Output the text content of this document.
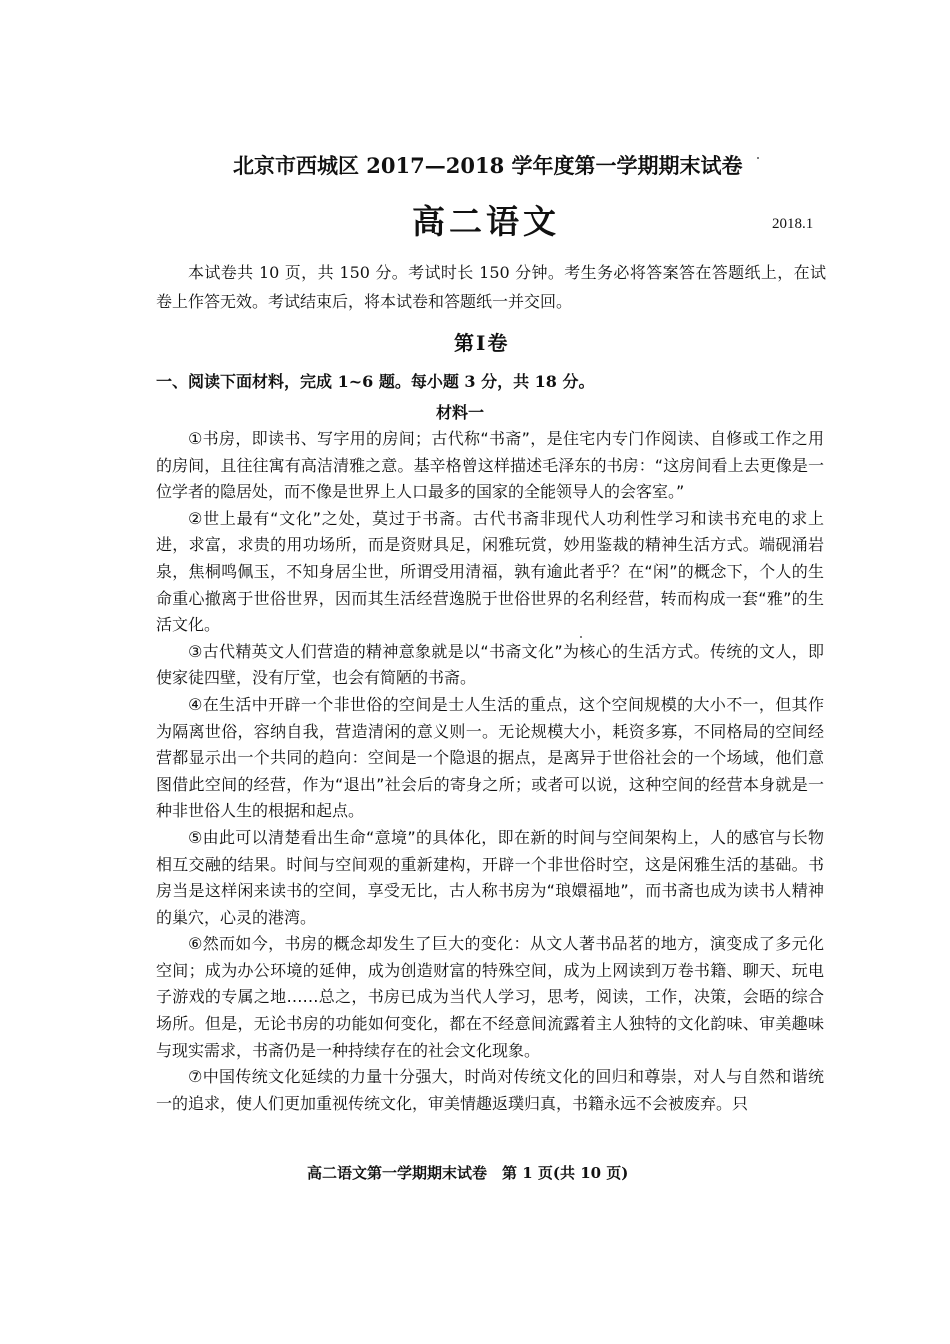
北京市西城区 2017—2018 学年度第一学期期末试卷
高二语文	2018.1
本试卷共 10 页，共 150 分。考试时长 150 分钟。考生务必将答案答在答题纸上，在试卷上作答无效。考试结束后，将本试卷和答题纸一并交回。
第Ⅰ卷
一、阅读下面材料，完成 1~6 题。每小题 3 分，共 18 分。
材料一

①书房，即读书、写字用的房间；古代称“书斋”，是住宅内专门作阅读、自修或工作之用的房间，且往往寓有高洁清雅之意。基辛格曾这样描述毛泽东的书房：“这房间看上去更像是一位学者的隐居处，而不像是世界上人口最多的国家的全能领导人的会客室。”

②世上最有“文化”之处，莫过于书斋。古代书斋非现代人功利性学习和读书充电的求上进，求富，求贵的用功场所，而是资财具足，闲雅玩赏，妙用鉴裁的精神生活方式。端砚涌岩泉，焦桐鸣佩玉，不知身居尘世，所谓受用清福，孰有逾此者乎？在“闲”的概念下，个人的生命重心撤离于世俗世界，因而其生活经营逸脱于世俗世界的名利经营，转而构成一套“雅”的生活文化。

③古代精英文人们营造的精神意象就是以“书斋文化”为核心的生活方式。传统的文人，即使家徒四壁，没有厅堂，也会有简陋的书斋。

④在生活中开辟一个非世俗的空间是士人生活的重点，这个空间规模的大小不一，但其作为隔离世俗，容纳自我，营造清闲的意义则一。无论规模大小，耗资多寡，不同格局的空间经营都显示出一个共同的趋向：空间是一个隐退的据点，是离异于世俗社会的一个场域，他们意图借此空间的经营，作为“退出”社会后的寄身之所；或者可以说，这种空间的经营本身就是一种非世俗人生的根据和起点。

⑤由此可以清楚看出生命“意境”的具体化，即在新的时间与空间架构上，人的感官与长物相互交融的结果。时间与空间观的重新建构，开辟一个非世俗时空，这是闲雅生活的基础。书房当是这样闲来读书的空间，享受无比，古人称书房为“琅嬛福地”，而书斋也成为读书人精神的巢穴，心灵的港湾。

⑥然而如今，书房的概念却发生了巨大的变化：从文人著书品茗的地方，演变成了多元化空间；成为办公环境的延伸，成为创造财富的特殊空间，成为上网读到万卷书籍、聊天、玩电子游戏的专属之地……总之，书房已成为当代人学习，思考，阅读，工作，决策，会晤的综合场所。但是，无论书房的功能如何变化，都在不经意间流露着主人独特的文化韵味、审美趣味与现实需求，书斋仍是一种持续存在的社会文化现象。

⑦中国传统文化延续的力量十分强大，时尚对传统文化的回归和尊崇，对人与自然和谐统一的追求，使人们更加重视传统文化，审美情趣返璞归真，书籍永远不会被废弃。只

高二语文第一学期期末试卷　第 1 页(共 10 页)
